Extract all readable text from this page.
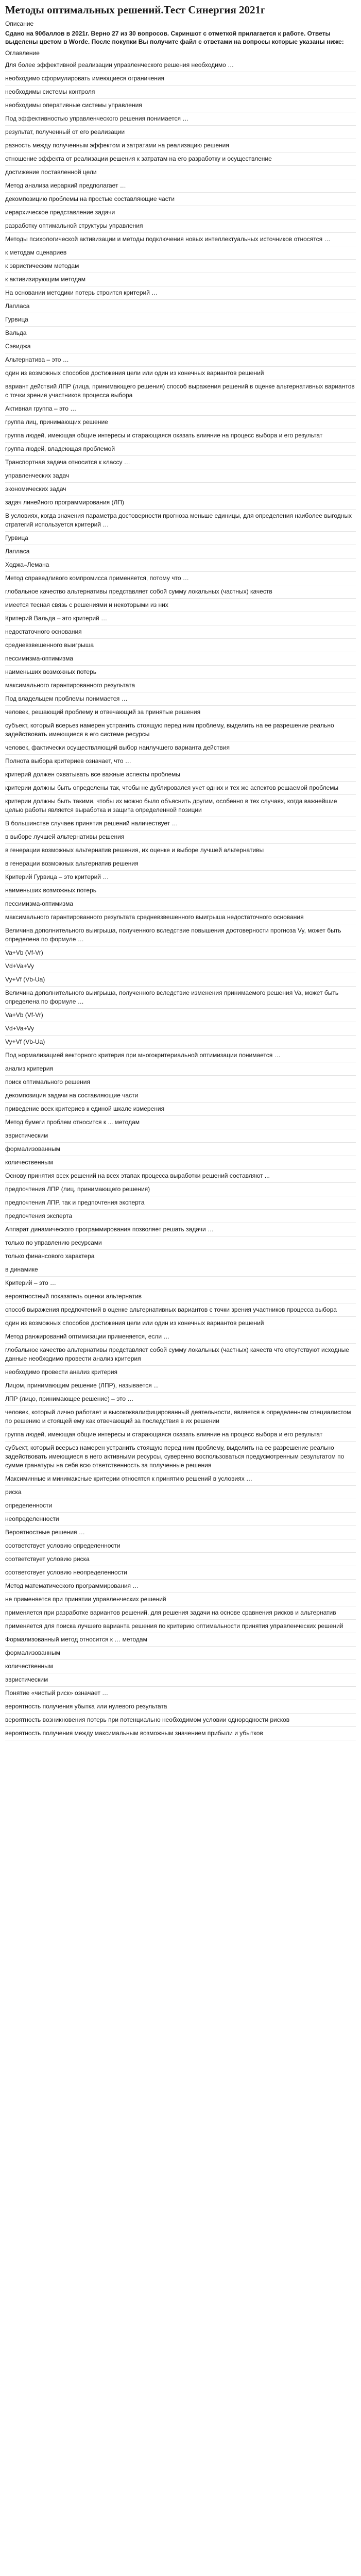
Методы оптимальных решений.Тест Синергия 2021г
Описание
Сдано на 90баллов в 2021г. Верно 27 из 30 вопросов. Скриншот с отметкой прилагается к работе. Ответы выделены цветом в Worde. После покупки Вы получите файл с ответами на вопросы которые указаны ниже:
Оглавление
Для более эффективной реализации управленческого решения необходимо …
необходимо сформулировать имеющиеся ограничения
необходимы системы контроля
необходимы оперативные системы управления
Под эффективностью управленческого решения понимается …
результат, полученный от его реализации
разность между полученным эффектом и затратами на реализацию решения
отношение эффекта от реализации решения к затратам на его разработку и осуществление
достижение поставленной цели
Метод анализа иерархий предполагает …
декомпозицию проблемы на простые составляющие части
иерархическое представление задачи
разработку оптимальной структуры управления
Методы психологической активизации и методы подключения новых интеллектуальных источников относятся …
к методам сценариев
к эвристическим методам
к активизирующим методам
На основании методики потерь строится критерий …
Лапласа
Гурвица
Вальда
Сэвиджа
Альтернатива – это …
один из возможных способов достижения цели или один из конечных вариантов решений
вариант действий ЛПР (лица, принимающего решения) способ выражения решений в оценке альтернативных вариантов с точки зрения участников процесса выбора
Активная группа – это …
группа лиц, принимающих решение
группа людей, имеющая общие интересы и старающаяся оказать влияние на процесс выбора и его результат
группа людей, владеющая проблемой
Транспортная задача относится к классу …
управленческих задач
экономических задач
задач линейного программирования (ЛП)
В условиях, когда значения параметра достоверности прогноза меньше единицы, для определения наиболее выгодных стратегий используется критерий …
Гурвица
Лапласа
Ходжа–Лемана
Метод справедливого компромисса применяется, потому что …
глобальное качество альтернативы представляет собой сумму локальных (частных) качеств
имеется тесная связь с решениями и некоторыми из них
Критерий Вальда – это критерий …
недостаточного основания
средневзвешенного выигрыша
пессимизма-оптимизма
наименьших возможных потерь
максимального гарантированного результата
Под владельцем проблемы понимается …
человек, решающий проблему и отвечающий за принятые решения
субъект, который всерьез намерен устранить стоящую перед ним проблему, выделить на ее разрешение реально задействовать имеющиеся в его системе ресурсы
человек, фактически осуществляющий выбор наилучшего варианта действия
Полнота выбора критериев означает, что …
критерий должен охватывать все важные аспекты проблемы
критерии должны быть определены так, чтобы не дублировался учет одних и тех же аспектов решаемой проблемы
критерии должны быть такими, чтобы их можно было объяснить другим, особенно в тех случаях, когда важнейшие целью работы является выработка и защита определенной позиции
В большинстве случаев принятия решений наличествует …
в выборе лучшей альтернативы решения
в генерации возможных альтернатив решения, их оценке и выборе лучшей альтернативы
в генерации возможных альтернатив решения
Критерий Гурвица – это критерий …
наименьших возможных потерь
пессимизма-оптимизма
максимального гарантированного результата средневзвешенного выигрыша недостаточного основания
Величина дополнительного выигрыша, полученного вследствие повышения достоверности прогноза Vy, может быть определена по формуле …
Va+Vb (Vf-Vr)
Vd+Va+Vy
Vy+Vf (Vb-Ua)
Величина дополнительного выигрыша, полученного вследствие изменения принимаемого решения Va, может быть определена по формуле …
Va+Vb (Vf-Vr)
Vd+Va+Vy
Vy+Vf (Vb-Ua)
Под нормализацией векторного критерия при многокритериальной оптимизации понимается …
анализ критерия
поиск оптимального решения
декомпозиция задачи на составляющие части
приведение всех критериев к единой шкале измерения
Метод бумеги проблем относится к ... методам
эвристическим
формализованным
количественным
Основу принятия всех решений на всех этапах процесса выработки решений составляют ...
предпочтения ЛПР (лиц, принимающего решения)
предпочтения ЛПР, так и предпочтения эксперта
предпочтения эксперта
Аппарат динамического программирования позволяет решать задачи …
только по управлению ресурсами
только финансового характера
в динамике
Критерий – это …
вероятностный показатель оценки альтернатив
способ выражения предпочтений в оценке альтернативных вариантов с точки зрения участников процесса выбора
один из возможных способов достижения цели или один из конечных вариантов решений
Метод ранжирований оптимизации применяется, если …
глобальное качество альтернативы представляет собой сумму локальных (частных) качеств что отсутствуют исходные данные необходимо провести анализ критерия
необходимо провести анализ критерия
Лицом, принимающим решение (ЛПР), называется ...
ЛПР (лицо, принимающее решение) – это …
человек, который лично работает и высококвалифицированный деятельности, является в определенном специалистом по решению и стоящей ему как отвечающий за последствия в их решении
группа людей, имеющая общие интересы и старающаяся оказать влияние на процесс выбора и его результат
субъект, который всерьез намерен устранить стоящую перед ним проблему, выделить на ее разрешение реально задействовать имеющиеся в него активными ресурсы, суверенно воспользоваться предусмотренным результатом по сумме гранатуры на себя всю ответственность за полученные решения
Максиминные и минимаксные критерии относятся к принятию решений в условиях …
риска
определенности
неопределенности
Вероятностные решения …
соответствует условию определенности
соответствует условию риска
соответствует условию неопределенности
Метод математического программирования …
не применяется при принятии управленческих решений
применяется при разработке вариантов решений, для решения задачи на основе сравнения рисков и альтернатив
применяется для поиска лучшего варианта решения по критерию оптимальности принятия управленческих решений
Формализованный метод относится к … методам
формализованным
количественным
эвристическим
Понятие «чистый риск» означает …
вероятность получения убытка или нулевого результата
вероятность возникновения потерь при потенциально необходимом условии однородности рисков
вероятность получения между максимальным возможным значением прибыли и убытков
